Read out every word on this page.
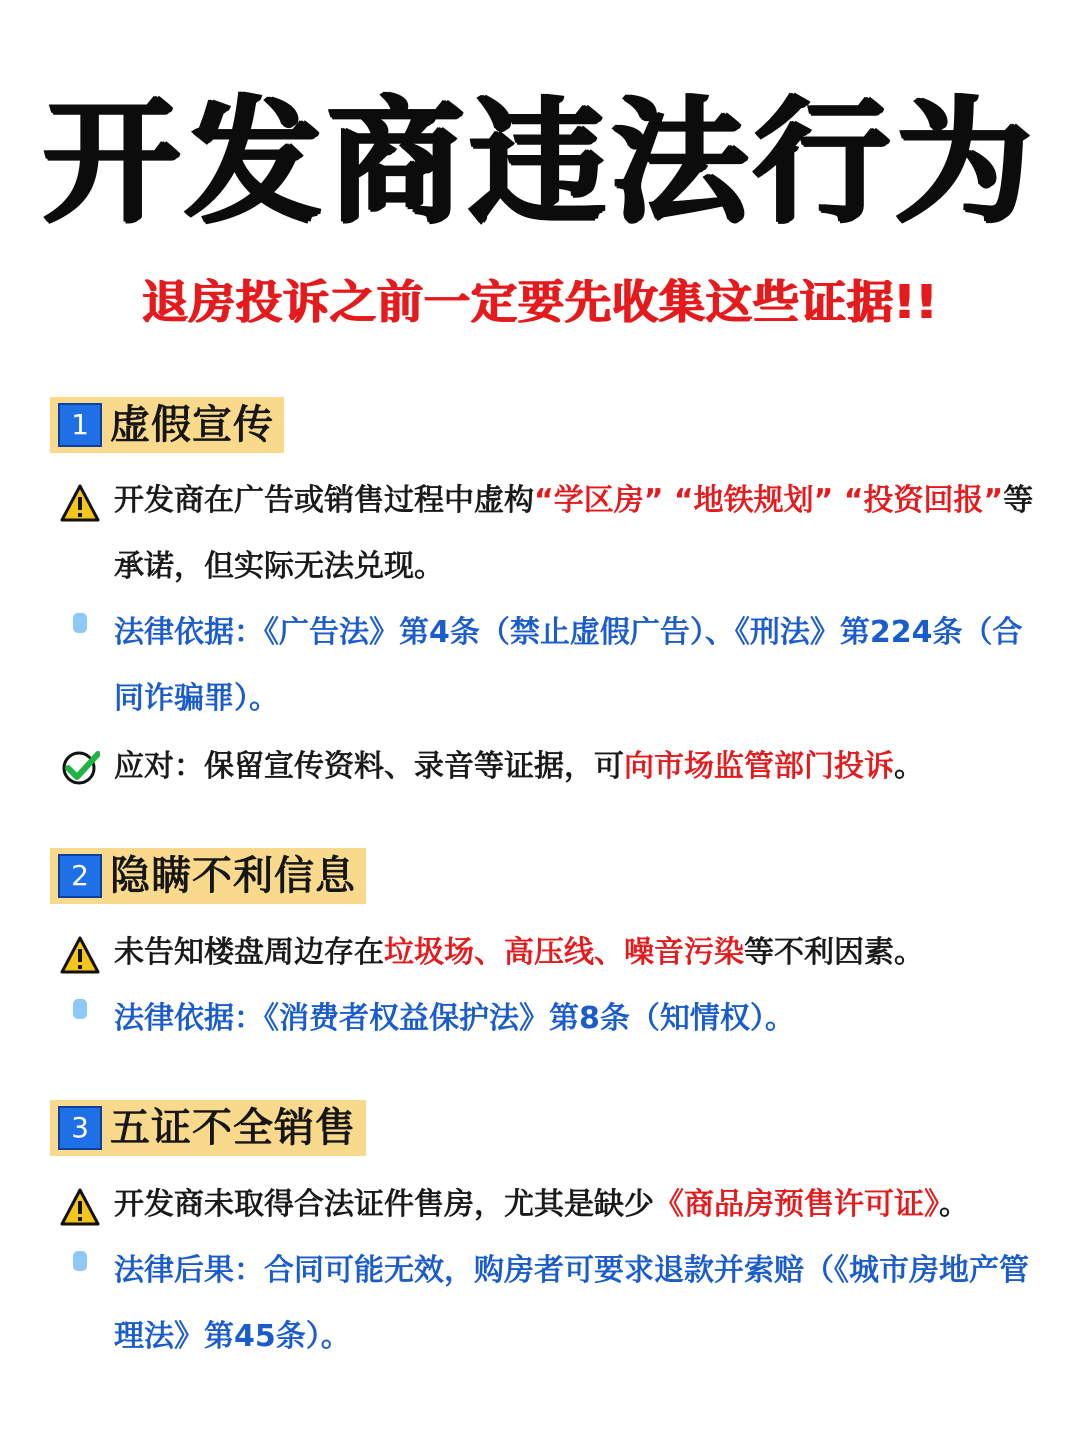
开发商违法行为
退房投诉之前一定要先收集这些证据!!
1 虚假宣传
开发商在广告或销售过程中虚构“学区房” “地铁规划” “投资回报”等承诺，但实际无法兑现。
法律依据：《广告法》第4条（禁止虚假广告）、《刑法》第224条（合同诈骗罪）。
应对：保留宣传资料、录音等证据，可向市场监管部门投诉。
2 隐瞒不利信息
未告知楼盘周边存在垃圾场、高压线、噪音污染等不利因素。
法律依据：《消费者权益保护法》第8条（知情权）。
3 五证不全销售
开发商未取得合法证件售房，尤其是缺少《商品房预售许可证》。
法律后果：合同可能无效，购房者可要求退款并索赔（《城市房地产管理法》第45条）。
